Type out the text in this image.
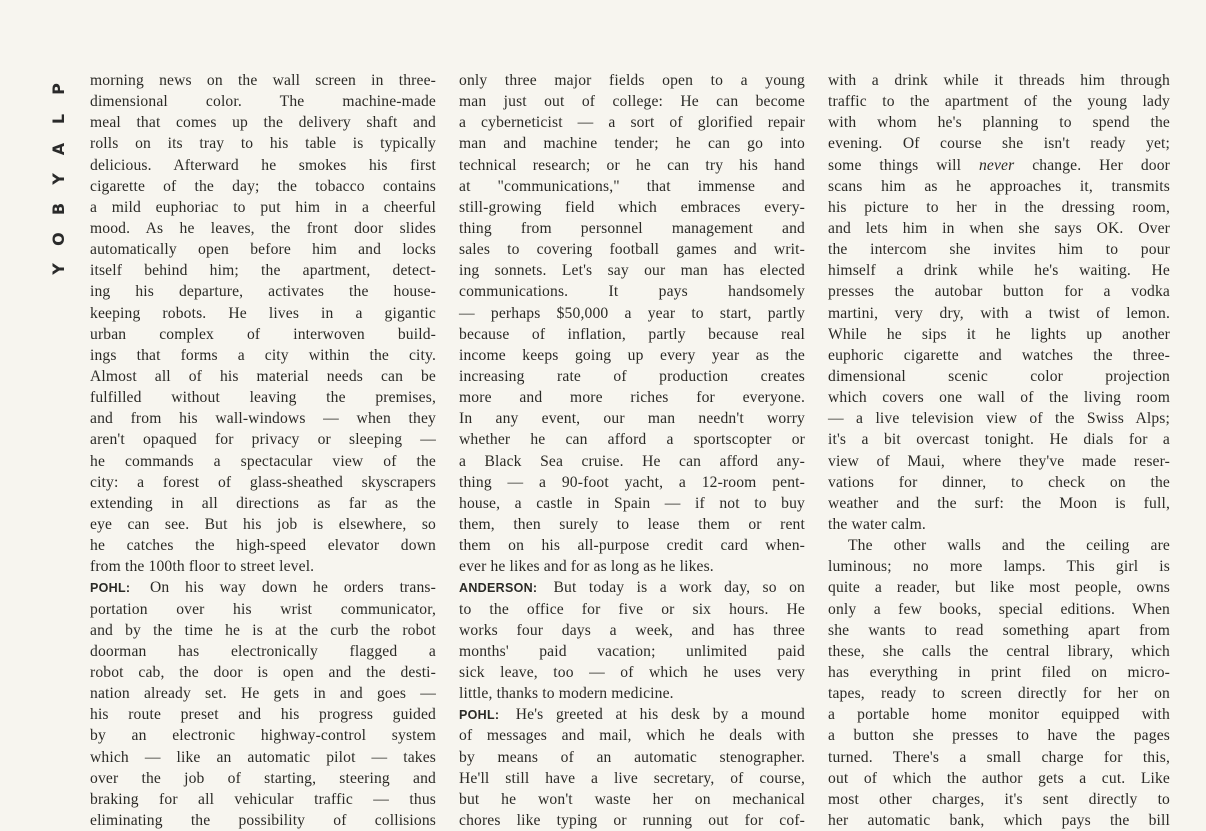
P
L
A
Y
B
O
Y
morning news on the wall screen in three-
dimensional color. The machine-made
meal that comes up the delivery shaft and
rolls on its tray to his table is typically
delicious. Afterward he smokes his first
cigarette of the day; the tobacco contains
a mild euphoriac to put him in a cheerful
mood. As he leaves, the front door slides
automatically open before him and locks
itself behind him; the apartment, detect-
ing his departure, activates the house-
keeping robots. He lives in a gigantic
urban complex of interwoven build-
ings that forms a city within the city.
Almost all of his material needs can be
fulfilled without leaving the premises,
and from his wall-windows — when they
aren't opaqued for privacy or sleeping —
he commands a spectacular view of the
city: a forest of glass-sheathed skyscrapers
extending in all directions as far as the
eye can see. But his job is elsewhere, so
he catches the high-speed elevator down
from the 100th floor to street level.
POHL: On his way down he orders trans-
portation over his wrist communicator,
and by the time he is at the curb the robot
doorman has electronically flagged a
robot cab, the door is open and the desti-
nation already set. He gets in and goes —
his route preset and his progress guided
by an electronic highway-control system
which — like an automatic pilot — takes
over the job of starting, steering and
braking for all vehicular traffic — thus
eliminating the possibility of collisions
only three major fields open to a young
man just out of college: He can become
a cyberneticist — a sort of glorified repair
man and machine tender; he can go into
technical research; or he can try his hand
at "communications," that immense and
still-growing field which embraces every-
thing from personnel management and
sales to covering football games and writ-
ing sonnets. Let's say our man has elected
communications. It pays handsomely
— perhaps $50,000 a year to start, partly
because of inflation, partly because real
income keeps going up every year as the
increasing rate of production creates
more and more riches for everyone.
In any event, our man needn't worry
whether he can afford a sportscopter or
a Black Sea cruise. He can afford any-
thing — a 90-foot yacht, a 12-room pent-
house, a castle in Spain — if not to buy
them, then surely to lease them or rent
them on his all-purpose credit card when-
ever he likes and for as long as he likes.
ANDERSON: But today is a work day, so on
to the office for five or six hours. He
works four days a week, and has three
months' paid vacation; unlimited paid
sick leave, too — of which he uses very
little, thanks to modern medicine.
POHL: He's greeted at his desk by a mound
of messages and mail, which he deals with
by means of an automatic stenographer.
He'll still have a live secretary, of course,
but he won't waste her on mechanical
chores like typing or running out for cof-
with a drink while it threads him through
traffic to the apartment of the young lady
with whom he's planning to spend the
evening. Of course she isn't ready yet;
some things will never change. Her door
scans him as he approaches it, transmits
his picture to her in the dressing room,
and lets him in when she says OK. Over
the intercom she invites him to pour
himself a drink while he's waiting. He
presses the autobar button for a vodka
martini, very dry, with a twist of lemon.
While he sips it he lights up another
euphoric cigarette and watches the three-
dimensional scenic color projection
which covers one wall of the living room
— a live television view of the Swiss Alps;
it's a bit overcast tonight. He dials for a
view of Maui, where they've made reser-
vations for dinner, to check on the
weather and the surf: the Moon is full,
the water calm.
The other walls and the ceiling are
luminous; no more lamps. This girl is
quite a reader, but like most people, owns
only a few books, special editions. When
she wants to read something apart from
these, she calls the central library, which
has everything in print filed on micro-
tapes, ready to screen directly for her on
a portable home monitor equipped with
a button she presses to have the pages
turned. There's a small charge for this,
out of which the author gets a cut. Like
most other charges, it's sent directly to
her automatic bank, which pays the bill
